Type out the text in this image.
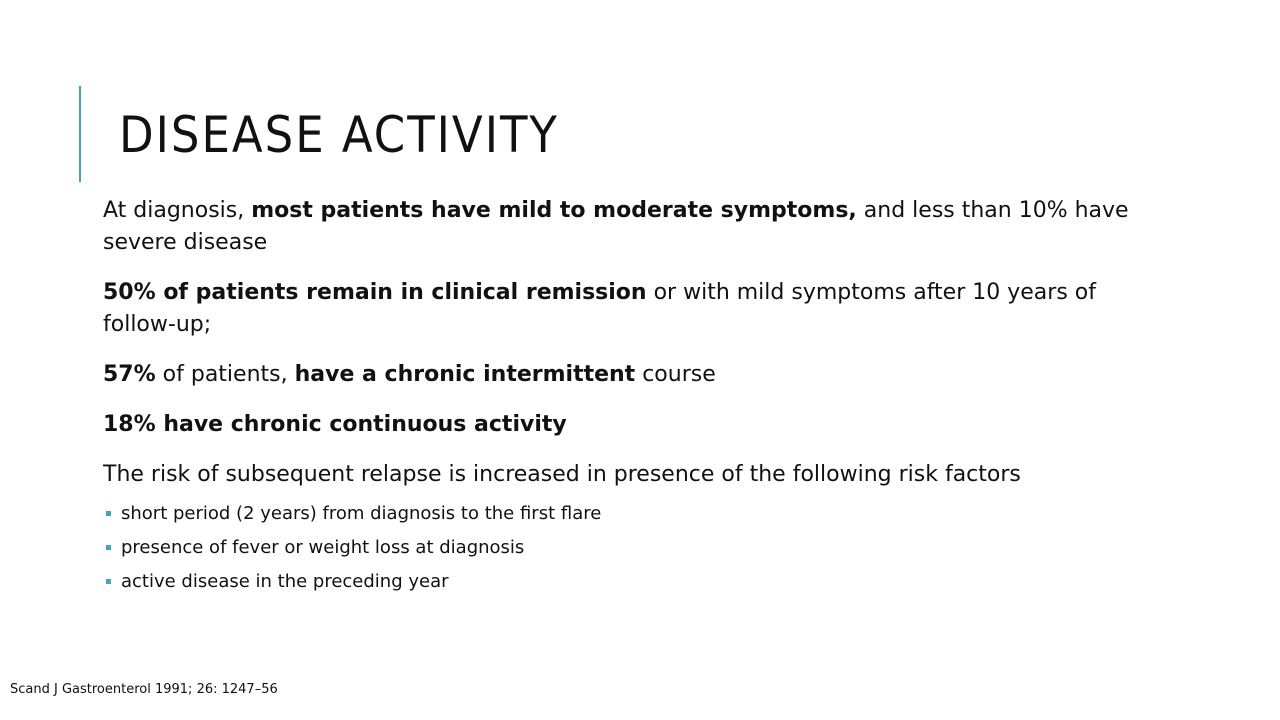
DISEASE ACTIVITY

At diagnosis, most patients have mild to moderate symptoms, and less than 10% have severe disease

50% of patients remain in clinical remission or with mild symptoms after 10 years of follow-up;

57% of patients, have a chronic intermittent course

18% have chronic continuous activity

The risk of subsequent relapse is increased in presence of the following risk factors

short period (2 years) from diagnosis to the first flare
presence of fever or weight loss at diagnosis
active disease in the preceding year
Scand J Gastroenterol 1991; 26: 1247–56
